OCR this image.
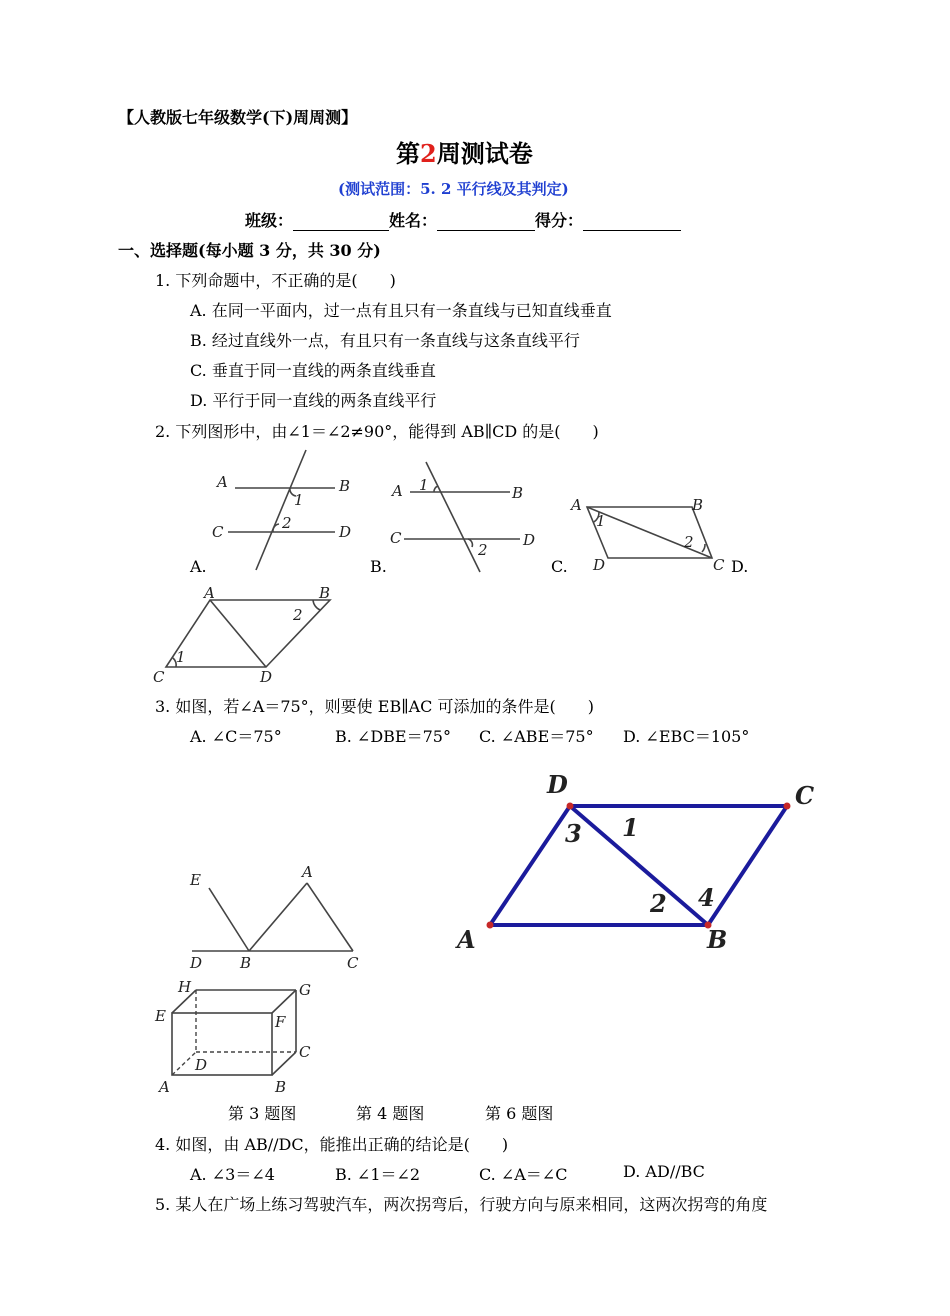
【人教版七年级数学(下)周周测】
第2周测试卷
(测试范围：5. 2 平行线及其判定)
班级：	姓名：	得分：
一、选择题(每小题 3 分，共 30 分)
1. 下列命题中，不正确的是(　　)
A. 在同一平面内，过一点有且只有一条直线与已知直线垂直
B. 经过直线外一点，有且只有一条直线与这条直线平行
C. 垂直于同一直线的两条直线垂直
D. 平行于同一直线的两条直线平行
2. 下列图形中，由∠1＝∠2≠90°，能得到 AB∥CD 的是(　　)
A	B
C	D
1
2
A	B
C	D
1
2
A	B
C
D
1
2
A	B
C	D
1
2
A.	B.	C.	D.
3. 如图，若∠A＝75°，则要使 EB∥AC 可添加的条件是(　　)
A. ∠C＝75°	B. ∠DBE＝75° C. ∠ABE＝75° D. ∠EBC＝105°
E	A
D	B	C
D	C
A	B
1
2
3
4
H	G
E	F
D
C
A	B
第 3 题图	第 4 题图	第 6 题图
4. 如图，由 AB//DC，能推出正确的结论是(　　)
A. ∠3＝∠4	B. ∠1＝∠2	C. ∠A＝∠C	D. AD//BC
5. 某人在广场上练习驾驶汽车，两次拐弯后，行驶方向与原来相同，这两次拐弯的角度
